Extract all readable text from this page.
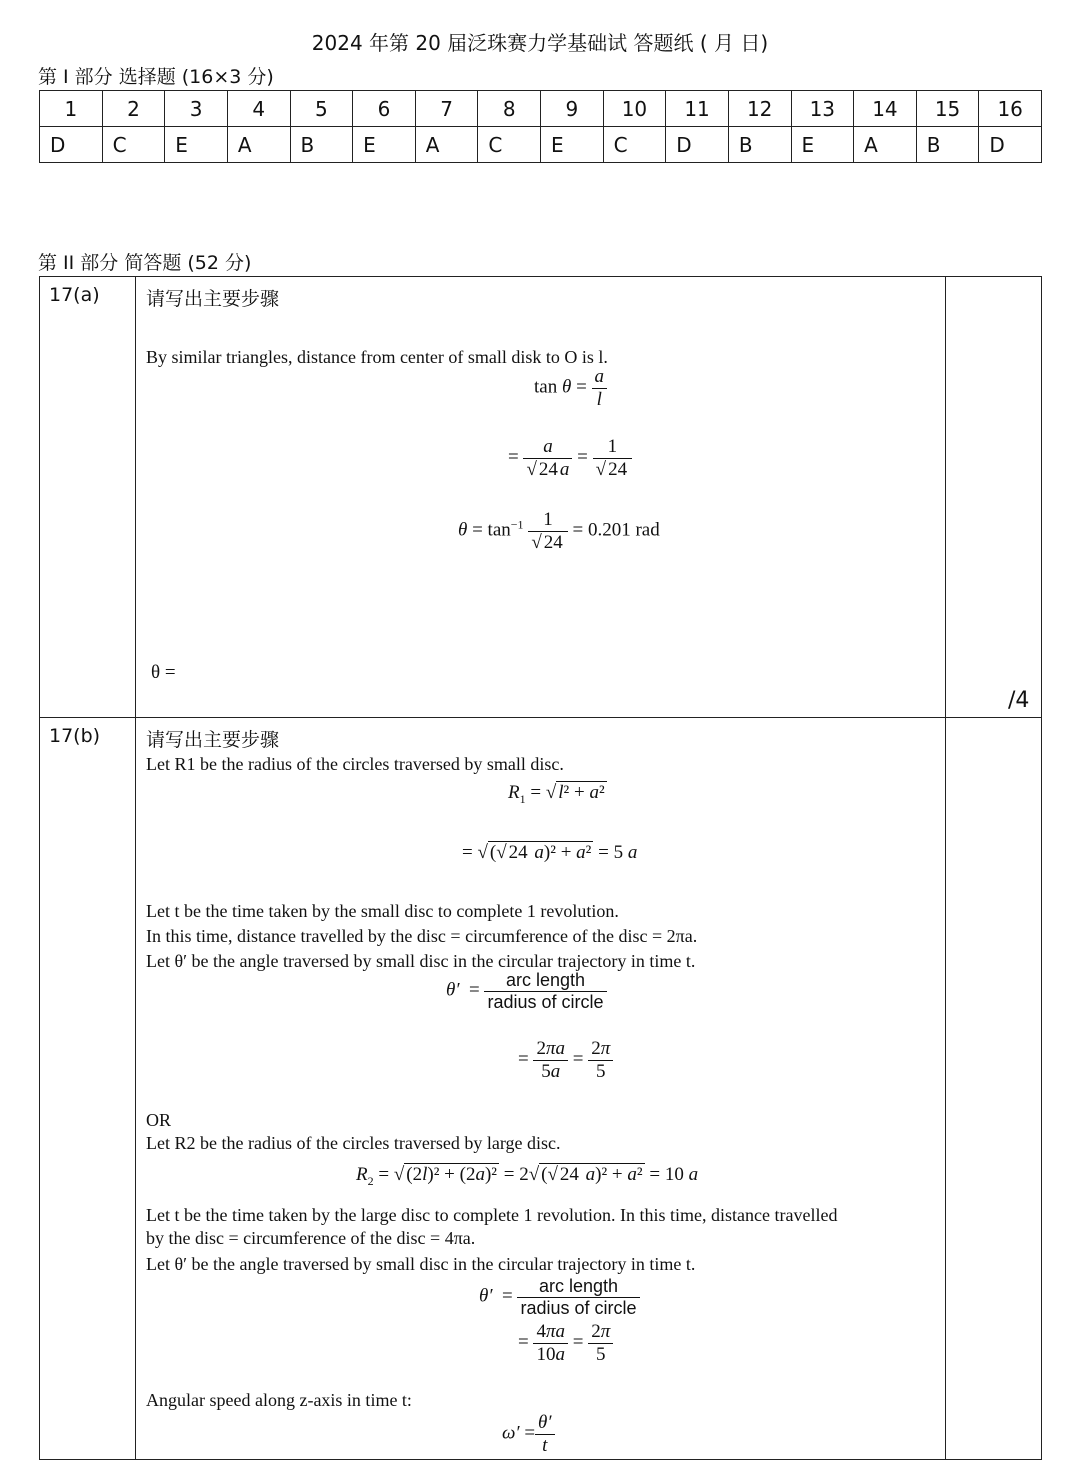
2024 年第 20 届泛珠赛力学基础试 答题纸 ( 月 日)
第 I 部分 选择题 (16×3 分)
1	2	3	4	5	6	7	8	9	10	11	12	13	14	15	16
D	C	E	A	B	E	A	C	E	C	D	B	E	A	B	D
第 II 部分 简答题 (52 分)
17(a) 请写出主要步骤
By similar triangles, distance from center of small disk to O is l.
$\tan \theta = \frac{a}{l}$
= $\frac{a}{√ 24 a} = \frac{1}{√ 24}$
$\theta = \tan^{-1} \frac{1}{√ 24} = 0.201$ rad
θ =
/4
17(b) 请写出主要步骤
Let R1 be the radius of the circles traversed by small disc.
$R_1$ = √ l² + a²
= √ (√ 24 a)² + a² = 5 a
Let t be the time taken by the small disc to complete 1 revolution.
In this time, distance travelled by the disc = circumference of the disc = 2πa.
Let θ′ be the angle traversed by small disc in the circular trajectory in time t.
$\theta' = \frac{\text{arc length}}{\text{radius of circle}}$
= $\frac{2\pi a}{5a} = \frac{2\pi}{5}$
OR
Let R2 be the radius of the circles traversed by large disc.
$R_2$ = √ (2l)² + (2a)² = 2√ (√ 24 a)² + a² = 10 a
Let t be the time taken by the large disc to complete 1 revolution. In this time, distance travelled
by the disc = circumference of the disc = 4πa.
Let θ′ be the angle traversed by small disc in the circular trajectory in time t.
$\theta' = \frac{\text{arc length}}{\text{radius of circle}}$
= $\frac{4\pi a}{10a} = \frac{2\pi}{5}$
Angular speed along z-axis in time t:
$\omega' = \frac{\theta'}{t}$
